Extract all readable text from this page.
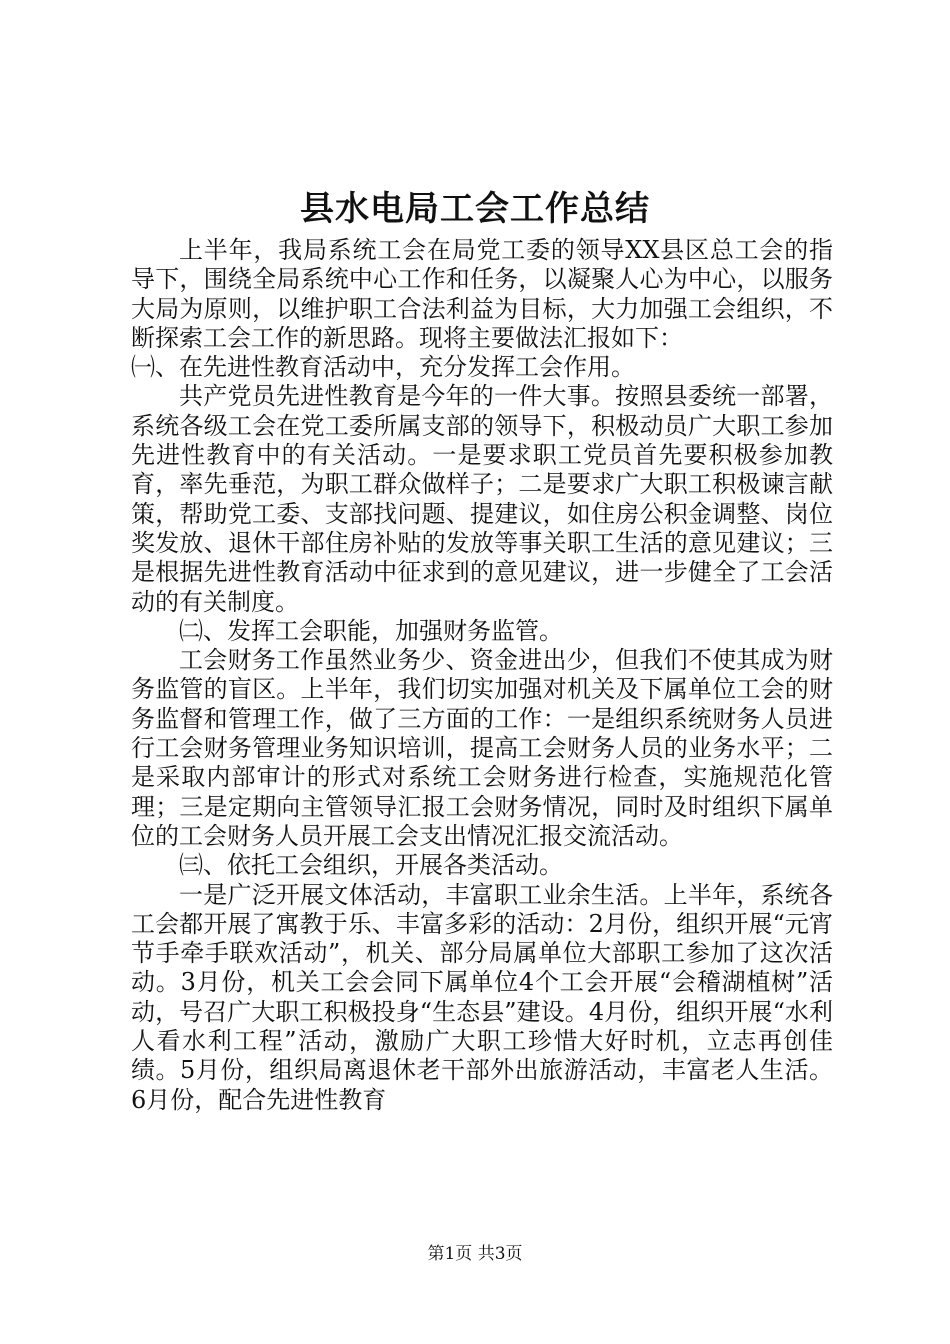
县水电局工会工作总结

上半年，我局系统工会在局党工委的领导XX县区总工会的指导下，围绕全局系统中心工作和任务，以凝聚人心为中心，以服务大局为原则，以维护职工合法利益为目标，大力加强工会组织，不断探索工会工作的新思路。现将主要做法汇报如下：

㈠、在先进性教育活动中，充分发挥工会作用。

共产党员先进性教育是今年的一件大事。按照县委统一部署，系统各级工会在党工委所属支部的领导下，积极动员广大职工参加先进性教育中的有关活动。一是要求职工党员首先要积极参加教育，率先垂范，为职工群众做样子；二是要求广大职工积极谏言献策，帮助党工委、支部找问题、提建议，如住房公积金调整、岗位奖发放、退休干部住房补贴的发放等事关职工生活的意见建议；三是根据先进性教育活动中征求到的意见建议，进一步健全了工会活动的有关制度。

㈡、发挥工会职能，加强财务监管。

工会财务工作虽然业务少、资金进出少，但我们不使其成为财务监管的盲区。上半年，我们切实加强对机关及下属单位工会的财务监督和管理工作，做了三方面的工作：一是组织系统财务人员进行工会财务管理业务知识培训，提高工会财务人员的业务水平；二是采取内部审计的形式对系统工会财务进行检查，实施规范化管理；三是定期向主管领导汇报工会财务情况，同时及时组织下属单位的工会财务人员开展工会支出情况汇报交流活动。

㈢、依托工会组织，开展各类活动。

一是广泛开展文体活动，丰富职工业余生活。上半年，系统各工会都开展了寓教于乐、丰富多彩的活动：2月份，组织开展“元宵节手牵手联欢活动”，机关、部分局属单位大部职工参加了这次活动。3月份，机关工会会同下属单位4个工会开展“会稽湖植树”活动，号召广大职工积极投身“生态县”建设。4月份，组织开展“水利人看水利工程”活动，激励广大职工珍惜大好时机，立志再创佳绩。5月份，组织局离退休老干部外出旅游活动，丰富老人生活。6月份，配合先进性教育

第1页 共3页
